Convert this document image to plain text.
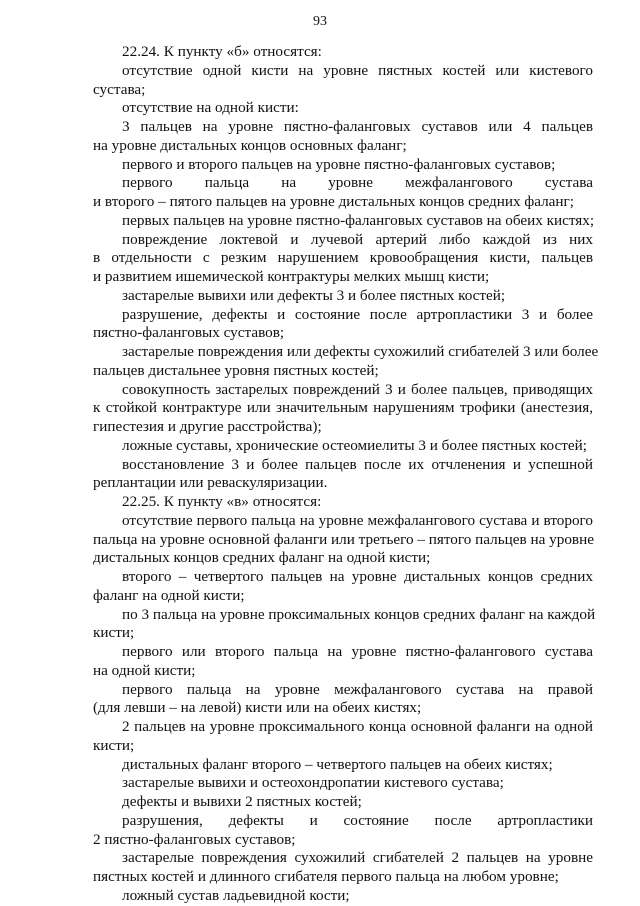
93
22.24. К пункту «б» относятся:
отсутствие одной кисти на уровне пястных костей или кистевого
сустава;
отсутствие на одной кисти:
3 пальцев на уровне пястно-фаланговых суставов или 4 пальцев
на уровне дистальных концов основных фаланг;
первого и второго пальцев на уровне пястно-фаланговых суставов;
первого пальца на уровне межфалангового сустава
и второго – пятого пальцев на уровне дистальных концов средних фаланг;
первых пальцев на уровне пястно-фаланговых суставов на обеих кистях;
повреждение локтевой и лучевой артерий либо каждой из них
в отдельности с резким нарушением кровообращения кисти, пальцев
и развитием ишемической контрактуры мелких мышц кисти;
застарелые вывихи или дефекты 3 и более пястных костей;
разрушение, дефекты и состояние после артропластики 3 и более
пястно-фаланговых суставов;
застарелые повреждения или дефекты сухожилий сгибателей 3 или более
пальцев дистальнее уровня пястных костей;
совокупность застарелых повреждений 3 и более пальцев, приводящих
к стойкой контрактуре или значительным нарушениям трофики (анестезия,
гипестезия и другие расстройства);
ложные суставы, хронические остеомиелиты 3 и более пястных костей;
восстановление 3 и более пальцев после их отчленения и успешной
реплантации или реваскуляризации.
22.25. К пункту «в» относятся:
отсутствие первого пальца на уровне межфалангового сустава и второго
пальца на уровне основной фаланги или третьего – пятого пальцев на уровне
дистальных концов средних фаланг на одной кисти;
второго – четвертого пальцев на уровне дистальных концов средних
фаланг на одной кисти;
по 3 пальца на уровне проксимальных концов средних фаланг на каждой
кисти;
первого или второго пальца на уровне пястно-фалангового сустава
на одной кисти;
первого пальца на уровне межфалангового сустава на правой
(для левши – на левой) кисти или на обеих кистях;
2 пальцев на уровне проксимального конца основной фаланги на одной
кисти;
дистальных фаланг второго – четвертого пальцев на обеих кистях;
застарелые вывихи и остеохондропатии кистевого сустава;
дефекты и вывихи 2 пястных костей;
разрушения, дефекты и состояние после артропластики
2 пястно-фаланговых суставов;
застарелые повреждения сухожилий сгибателей 2 пальцев на уровне
пястных костей и длинного сгибателя первого пальца на любом уровне;
ложный сустав ладьевидной кости;
